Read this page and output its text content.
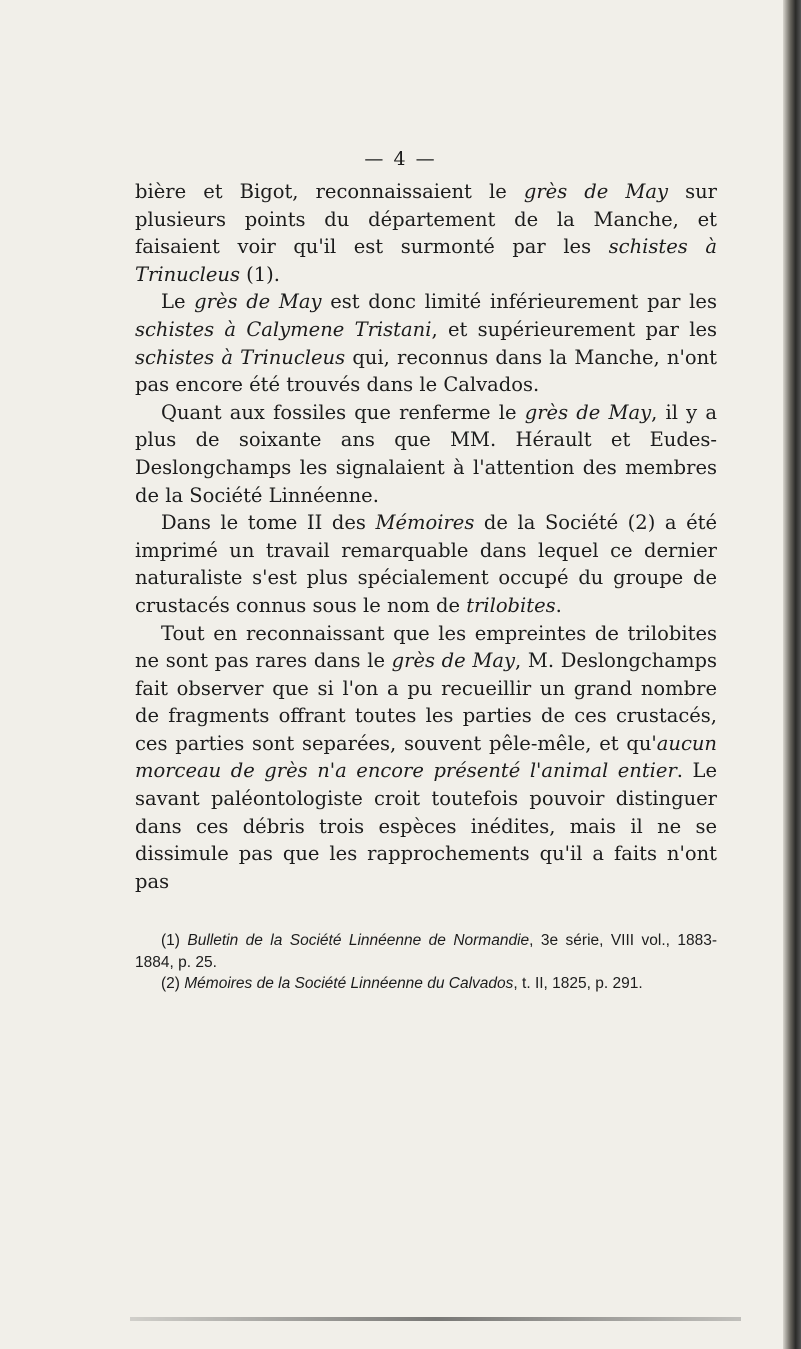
— 4 —

bière et Bigot, reconnaissaient le grès de May sur plusieurs points du département de la Manche, et faisaient voir qu'il est surmonté par les schistes à Trinucleus (1).

Le grès de May est donc limité inférieurement par les schistes à Calymene Tristani, et supérieurement par les schistes à Trinucleus qui, reconnus dans la Manche, n'ont pas encore été trouvés dans le Calvados.

Quant aux fossiles que renferme le grès de May, il y a plus de soixante ans que MM. Hérault et Eudes-Deslongchamps les signalaient à l'attention des membres de la Société Linnéenne.

Dans le tome II des Mémoires de la Société (2) a été imprimé un travail remarquable dans lequel ce dernier naturaliste s'est plus spécialement occupé du groupe de crustacés connus sous le nom de trilobites.

Tout en reconnaissant que les empreintes de trilobites ne sont pas rares dans le grès de May, M. Deslongchamps fait observer que si l'on a pu recueillir un grand nombre de fragments offrant toutes les parties de ces crustacés, ces parties sont separées, souvent pêle-mêle, et qu'aucun morceau de grès n'a encore présenté l'animal entier. Le savant paléontologiste croit toutefois pouvoir distinguer dans ces débris trois espèces inédites, mais il ne se dissimule pas que les rapprochements qu'il a faits n'ont pas

(1) Bulletin de la Société Linnéenne de Normandie, 3e série, VIII vol., 1883-1884, p. 25.

(2) Mémoires de la Société Linnéenne du Calvados, t. II, 1825, p. 291.
